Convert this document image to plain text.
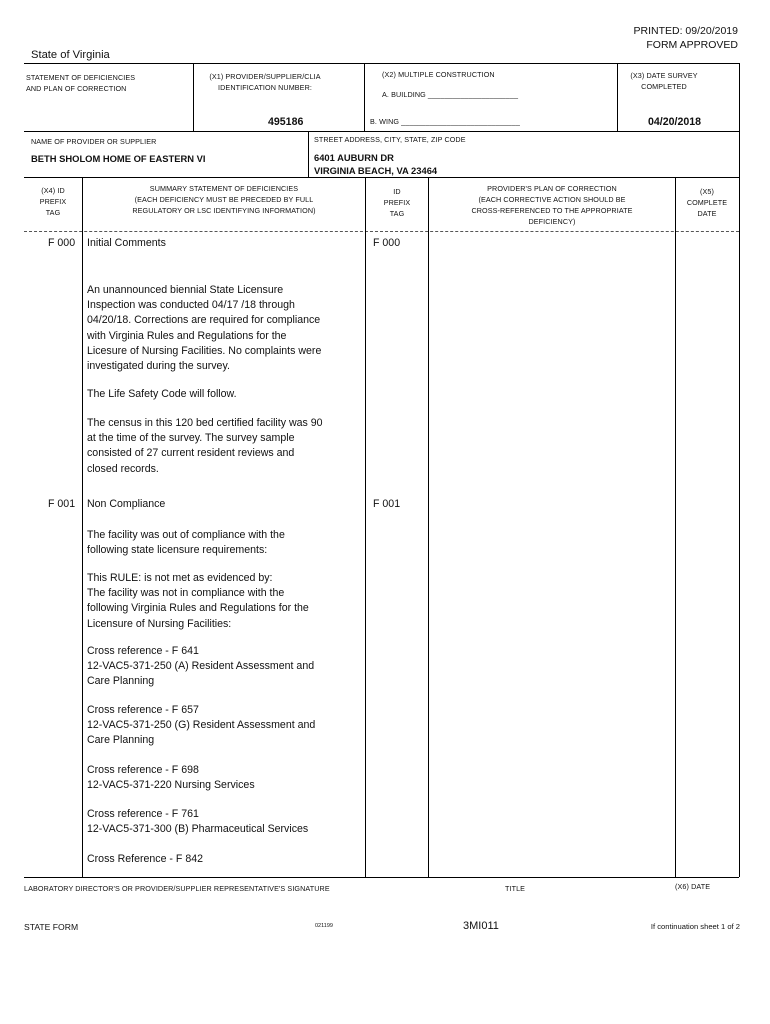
PRINTED: 09/20/2019
FORM APPROVED
State of Virginia
STATEMENT OF DEFICIENCIES
AND PLAN OF CORRECTION
(X1) PROVIDER/SUPPLIER/CLIA
IDENTIFICATION NUMBER:
495186
(X2) MULTIPLE CONSTRUCTION
A. BUILDING ______________________
B. WING _____________________________
(X3) DATE SURVEY
COMPLETED
04/20/2018
NAME OF PROVIDER OR SUPPLIER
BETH SHOLOM HOME OF EASTERN VI
STREET ADDRESS, CITY, STATE, ZIP CODE
6401 AUBURN DR
VIRGINIA BEACH, VA 23464
(X4) ID
PREFIX
TAG
SUMMARY STATEMENT OF DEFICIENCIES
(EACH DEFICIENCY MUST BE PRECEDED BY FULL
REGULATORY OR LSC IDENTIFYING INFORMATION)
ID
PREFIX
TAG
PROVIDER'S PLAN OF CORRECTION
(EACH CORRECTIVE ACTION SHOULD BE
CROSS-REFERENCED TO THE APPROPRIATE
DEFICIENCY)
(X5)
COMPLETE
DATE
F 000 Initial Comments	F 000
An unannounced biennial State Licensure
Inspection was conducted 04/17 /18 through
04/20/18. Corrections are required for compliance
with Virginia Rules and Regulations for the
Licesure of Nursing Facilities. No complaints were
investigated during the survey.
The Life Safety Code will follow.
The census in this 120 bed certified facility was 90
at the time of the survey. The survey sample
consisted of 27 current resident reviews and
closed records.
F 001 Non Compliance	F 001
The facility was out of compliance with the
following state licensure requirements:
This RULE: is not met as evidenced by:
The facility was not in compliance with the
following Virginia Rules and Regulations for the
Licensure of Nursing Facilities:
Cross reference - F 641
12-VAC5-371-250 (A) Resident Assessment and
Care Planning
Cross reference - F 657
12-VAC5-371-250 (G) Resident Assessment and
Care Planning
Cross reference - F 698
12-VAC5-371-220 Nursing Services
Cross reference - F 761
12-VAC5-371-300 (B) Pharmaceutical Services
Cross Reference - F 842
LABORATORY DIRECTOR'S OR PROVIDER/SUPPLIER REPRESENTATIVE'S SIGNATURE	TITLE	(X6) DATE
STATE FORM	021199	3MI011	If continuation sheet 1 of 2
